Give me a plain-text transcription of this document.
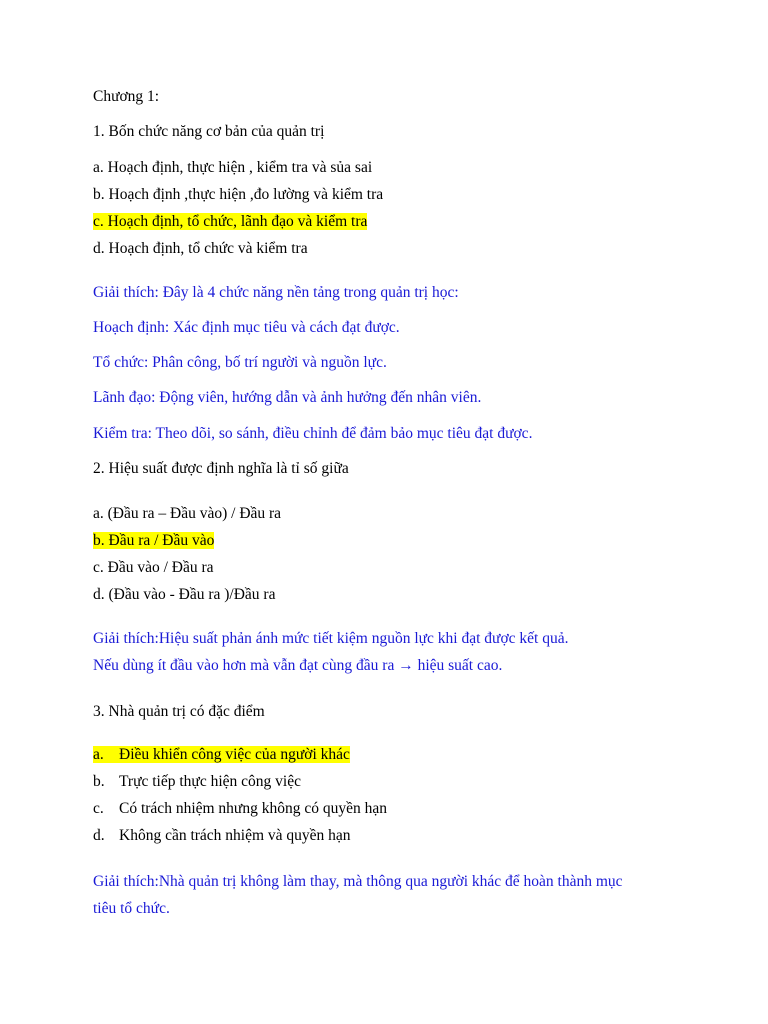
Chương 1:
1. Bốn chức năng cơ bản của quản trị
a. Hoạch định, thực hiện , kiểm tra và sủa sai
b. Hoạch định ,thực hiện ,đo lường và kiểm tra
c. Hoạch định, tổ chức, lãnh đạo và kiểm tra
d. Hoạch định, tổ chức và kiểm tra
Giải thích: Đây là 4 chức năng nền tảng trong quản trị học:
Hoạch định: Xác định mục tiêu và cách đạt được.
Tổ chức: Phân công, bố trí người và nguồn lực.
Lãnh đạo: Động viên, hướng dẫn và ảnh hưởng đến nhân viên.
Kiểm tra: Theo dõi, so sánh, điều chỉnh để đảm bảo mục tiêu đạt được.
2. Hiệu suất được định nghĩa là tỉ số giữa
a. (Đầu ra – Đầu vào) / Đầu ra
b. Đầu ra / Đầu vào
c. Đầu vào / Đầu ra
d. (Đầu vào - Đầu ra )/Đầu ra
Giải thích:Hiệu suất phản ánh mức tiết kiệm nguồn lực khi đạt được kết quả.
Nếu dùng ít đầu vào hơn mà vẫn đạt cùng đầu ra → hiệu suất cao.
3. Nhà quản trị có đặc điểm
a. Điều khiển công việc của người khác
b. Trực tiếp thực hiện công việc
c. Có trách nhiệm nhưng không có quyền hạn
d. Không cần trách nhiệm và quyền hạn
Giải thích:Nhà quản trị không làm thay, mà thông qua người khác để hoàn thành mục
tiêu tổ chức.
